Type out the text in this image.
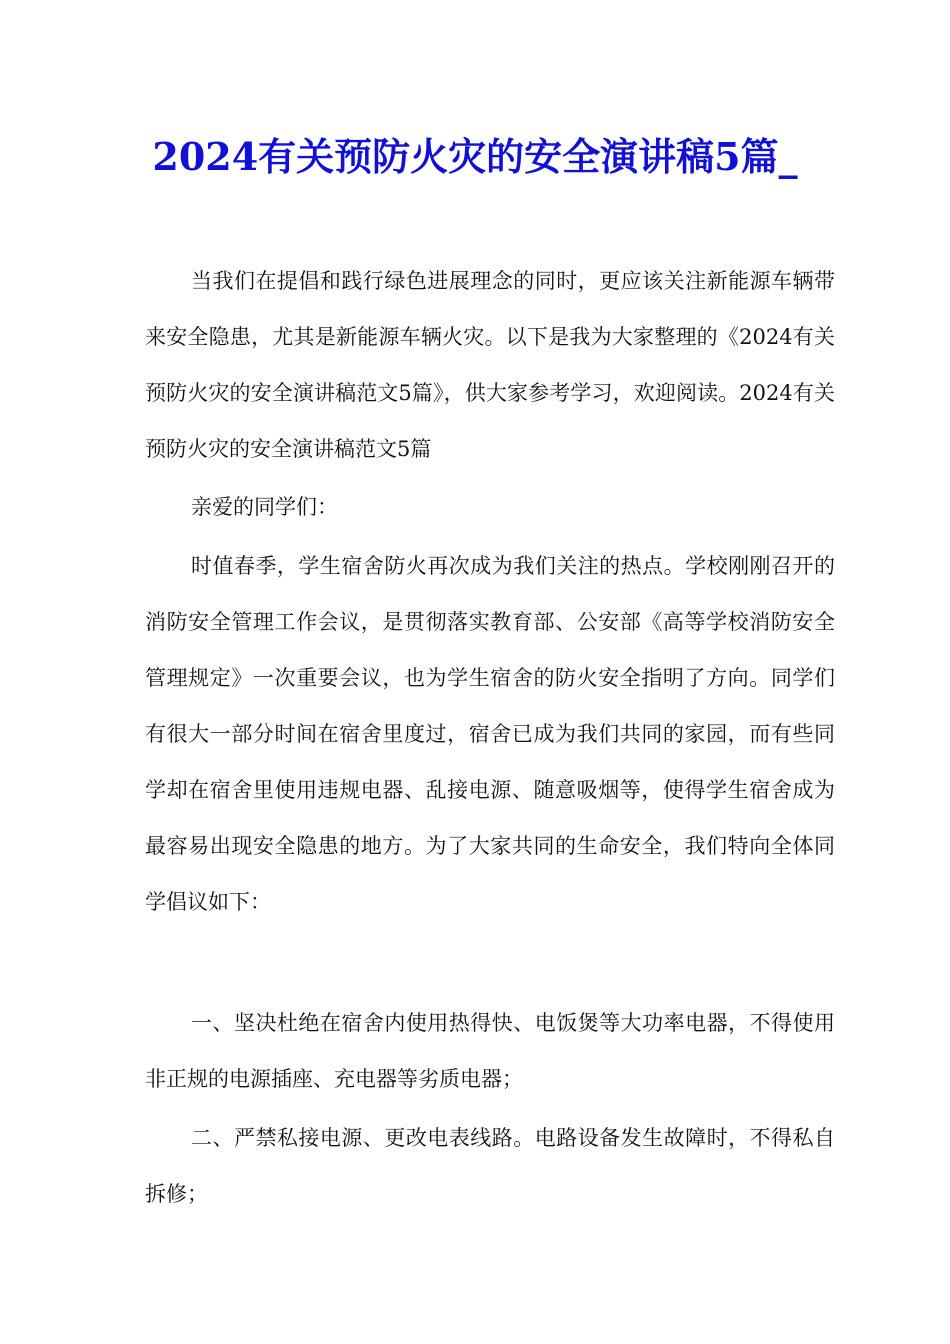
2024有关预防火灾的安全演讲稿5篇_

当我们在提倡和践行绿色进展理念的同时，更应该关注新能源车辆带来安全隐患，尤其是新能源车辆火灾。以下是我为大家整理的《2024有关预防火灾的安全演讲稿范文5篇》，供大家参考学习，欢迎阅读。2024有关预防火灾的安全演讲稿范文5篇

亲爱的同学们：

时值春季，学生宿舍防火再次成为我们关注的热点。学校刚刚召开的消防安全管理工作会议，是贯彻落实教育部、公安部《高等学校消防安全管理规定》一次重要会议，也为学生宿舍的防火安全指明了方向。同学们有很大一部分时间在宿舍里度过，宿舍已成为我们共同的家园，而有些同学却在宿舍里使用违规电器、乱接电源、随意吸烟等，使得学生宿舍成为最容易出现安全隐患的地方。为了大家共同的生命安全，我们特向全体同学倡议如下：

一、坚决杜绝在宿舍内使用热得快、电饭煲等大功率电器，不得使用非正规的电源插座、充电器等劣质电器；

二、严禁私接电源、更改电表线路。电路设备发生故障时，不得私自拆修；
